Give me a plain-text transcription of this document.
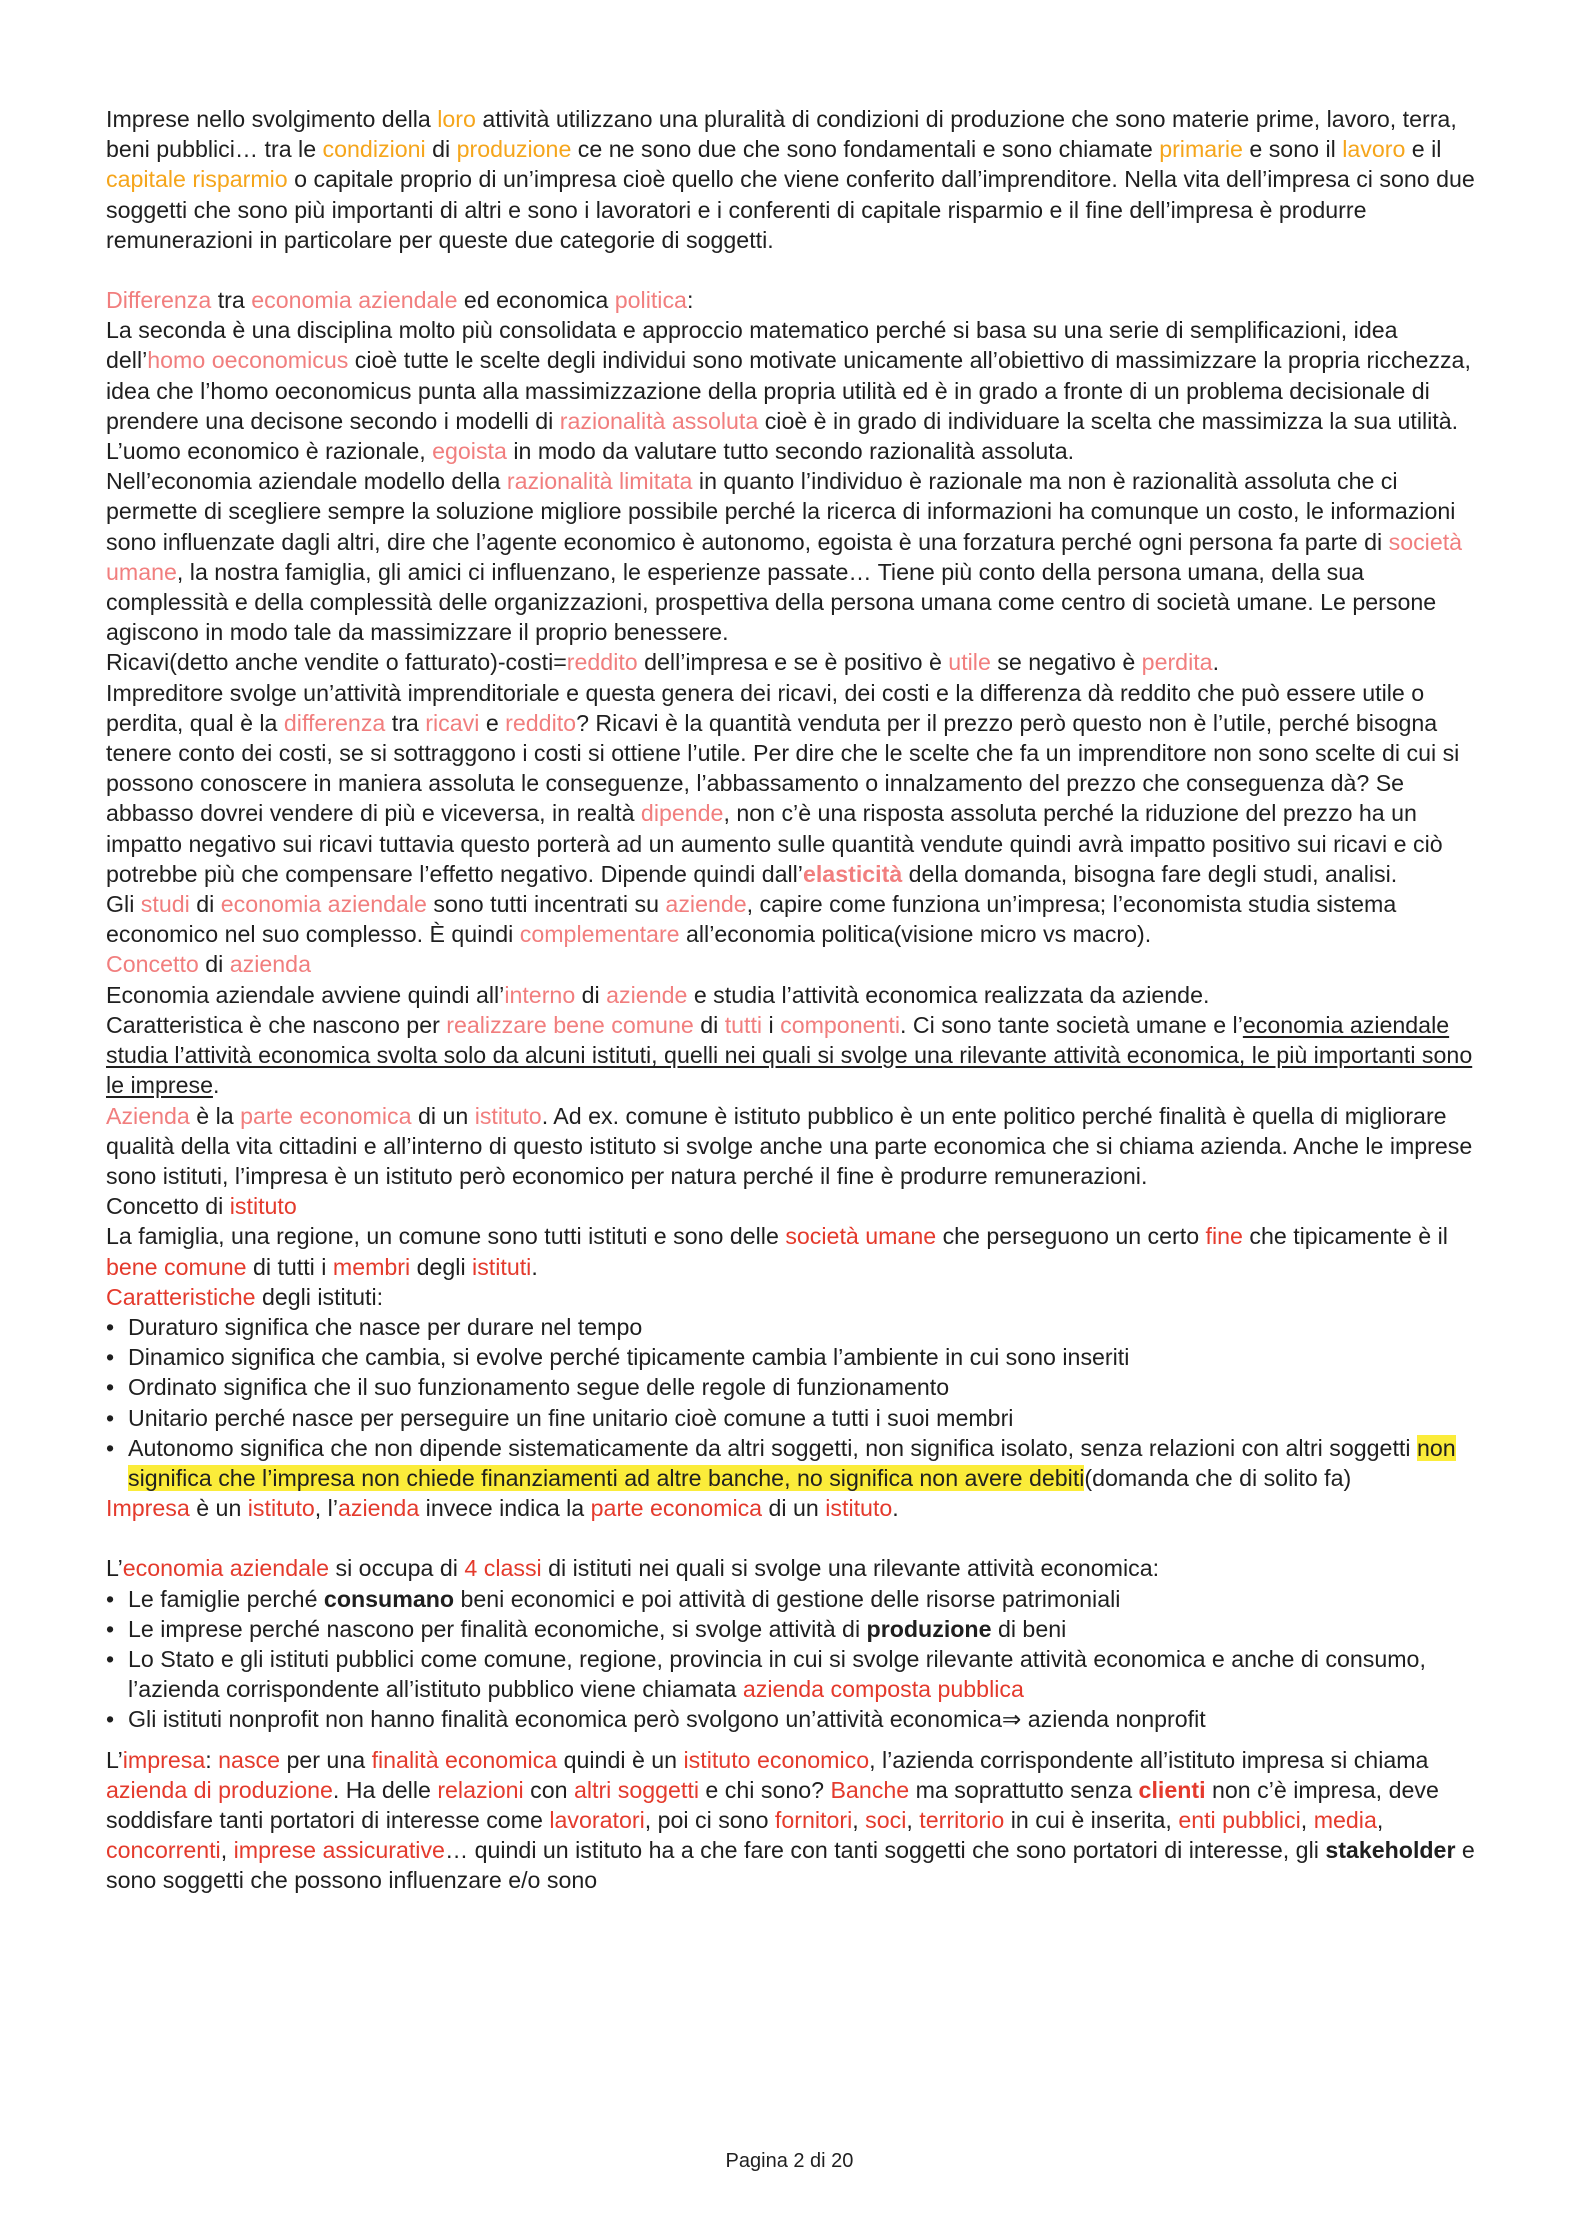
Imprese nello svolgimento della loro attività utilizzano una pluralità di condizioni di produzione che sono materie prime, lavoro, terra, beni pubblici… tra le condizioni di produzione ce ne sono due che sono fondamentali e sono chiamate primarie e sono il lavoro e il capitale risparmio o capitale proprio di un’impresa cioè quello che viene conferito dall’imprenditore. Nella vita dell’impresa ci sono due soggetti che sono più importanti di altri e sono i lavoratori e i conferenti di capitale risparmio e il fine dell’impresa è produrre remunerazioni in particolare per queste due categorie di soggetti.

Differenza tra economia aziendale ed economica politica:

La seconda è una disciplina molto più consolidata e approccio matematico perché si basa su una serie di semplificazioni, idea dell’homo oeconomicus cioè tutte le scelte degli individui sono motivate unicamente all’obiettivo di massimizzare la propria ricchezza, idea che l’homo oeconomicus punta alla massimizzazione della propria utilità ed è in grado a fronte di un problema decisionale di prendere una decisone secondo i modelli di razionalità assoluta cioè è in grado di individuare la scelta che massimizza la sua utilità. L’uomo economico è razionale, egoista in modo da valutare tutto secondo razionalità assoluta.

Nell’economia aziendale modello della razionalità limitata in quanto l’individuo è razionale ma non è razionalità assoluta che ci permette di scegliere sempre la soluzione migliore possibile perché la ricerca di informazioni ha comunque un costo, le informazioni sono influenzate dagli altri, dire che l’agente economico è autonomo, egoista è una forzatura perché ogni persona fa parte di società umane, la nostra famiglia, gli amici ci influenzano, le esperienze passate… Tiene più conto della persona umana, della sua complessità e della complessità delle organizzazioni, prospettiva della persona umana come centro di società umane. Le persone agiscono in modo tale da massimizzare il proprio benessere.

Ricavi(detto anche vendite o fatturato)-costi=reddito dell’impresa e se è positivo è utile se negativo è perdita.

Impreditore svolge un’attività imprenditoriale e questa genera dei ricavi, dei costi e la differenza dà reddito che può essere utile o perdita, qual è la differenza tra ricavi e reddito? Ricavi è la quantità venduta per il prezzo però questo non è l’utile, perché bisogna tenere conto dei costi, se si sottraggono i costi si ottiene l’utile. Per dire che le scelte che fa un imprenditore non sono scelte di cui si possono conoscere in maniera assoluta le conseguenze, l’abbassamento o innalzamento del prezzo che conseguenza dà? Se abbasso dovrei vendere di più e viceversa, in realtà dipende, non c’è una risposta assoluta perché la riduzione del prezzo ha un impatto negativo sui ricavi tuttavia questo porterà ad un aumento sulle quantità vendute quindi avrà impatto positivo sui ricavi e ciò potrebbe più che compensare l’effetto negativo. Dipende quindi dall’elasticità della domanda, bisogna fare degli studi, analisi.

Gli studi di economia aziendale sono tutti incentrati su aziende, capire come funziona un’impresa; l’economista studia sistema economico nel suo complesso. È quindi complementare all’economia politica(visione micro vs macro).

Concetto di azienda

Economia aziendale avviene quindi all’interno di aziende e studia l’attività economica realizzata da aziende.

Caratteristica è che nascono per realizzare bene comune di tutti i componenti. Ci sono tante società umane e l’economia aziendale studia l’attività economica svolta solo da alcuni istituti, quelli nei quali si svolge una rilevante attività economica, le più importanti sono le imprese.

Azienda è la parte economica di un istituto. Ad ex. comune è istituto pubblico è un ente politico perché finalità è quella di migliorare qualità della vita cittadini e all’interno di questo istituto si svolge anche una parte economica che si chiama azienda. Anche le imprese sono istituti, l’impresa è un istituto però economico per natura perché il fine è produrre remunerazioni.

Concetto di istituto

La famiglia, una regione, un comune sono tutti istituti e sono delle società umane che perseguono un certo fine che tipicamente è il bene comune di tutti i membri degli istituti.

Caratteristiche degli istituti:

• Duraturo significa che nasce per durare nel tempo
• Dinamico significa che cambia, si evolve perché tipicamente cambia l’ambiente in cui sono inseriti
• Ordinato significa che il suo funzionamento segue delle regole di funzionamento
• Unitario perché nasce per perseguire un fine unitario cioè comune a tutti i suoi membri
• Autonomo significa che non dipende sistematicamente da altri soggetti, non significa isolato, senza relazioni con altri soggetti non significa che l’impresa non chiede finanziamenti ad altre banche, no significa non avere debiti(domanda che di solito fa)

Impresa è un istituto, l’azienda invece indica la parte economica di un istituto.

L’economia aziendale si occupa di 4 classi di istituti nei quali si svolge una rilevante attività economica:

• Le famiglie perché consumano beni economici e poi attività di gestione delle risorse patrimoniali
• Le imprese perché nascono per finalità economiche, si svolge attività di produzione di beni
• Lo Stato e gli istituti pubblici come comune, regione, provincia in cui si svolge rilevante attività economica e anche di consumo, l’azienda corrispondente all’istituto pubblico viene chiamata azienda composta pubblica
• Gli istituti nonprofit non hanno finalità economica però svolgono un’attività economica⇒ azienda nonprofit

L’impresa: nasce per una finalità economica quindi è un istituto economico, l’azienda corrispondente all’istituto impresa si chiama azienda di produzione. Ha delle relazioni con altri soggetti e chi sono? Banche ma soprattutto senza clienti non c’è impresa, deve soddisfare tanti portatori di interesse come lavoratori, poi ci sono fornitori, soci, territorio in cui è inserita, enti pubblici, media, concorrenti, imprese assicurative… quindi un istituto ha a che fare con tanti soggetti che sono portatori di interesse, gli stakeholder e sono soggetti che possono influenzare e/o sono

Pagina 2 di 20
